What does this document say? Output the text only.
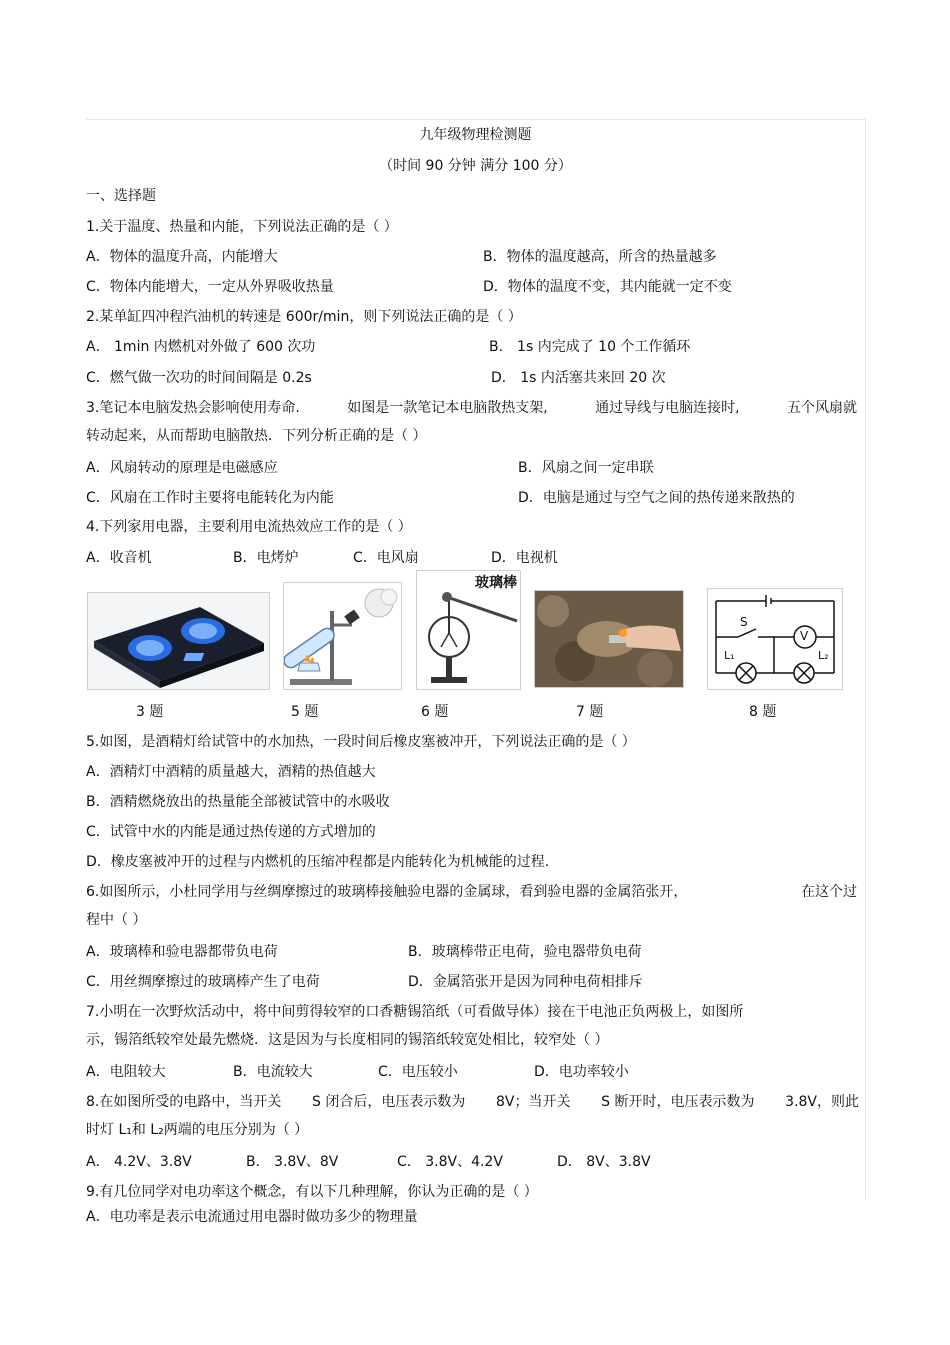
九年级物理检测题
（时间 90 分钟 满分 100 分）
一、选择题
1.关于温度、热量和内能，下列说法正确的是（ ）
A．物体的温度升高，内能增大	B．物体的温度越高，所含的热量越多
C．物体内能增大，一定从外界吸收热量	D．物体的温度不变，其内能就一定不变
2.某单缸四冲程汽油机的转速是 600r/min，则下列说法正确的是（ ）
A． 1min 内燃机对外做了 600 次功	B． 1s 内完成了 10 个工作循环
C．燃气做一次功的时间间隔是 0.2s	D． 1s 内活塞共来回 20 次
3.笔记本电脑发热会影响使用寿命.	如图是一款笔记本电脑散热支架,	通过导线与电脑连接时,	五个风扇就
转动起来，从而帮助电脑散热．下列分析正确的是（ ）
A．风扇转动的原理是电磁感应	B．风扇之间一定串联
C．风扇在工作时主要将电能转化为内能	D．电脑是通过与空气之间的热传递来散热的
4.下列家用电器，主要利用电流热效应工作的是（ ）
A．收音机	B．电烤炉	C．电风扇	D．电视机
玻璃棒
S
V
L₁	L₂
3 题	5 题	6 题	7 题	8 题
5.如图，是酒精灯给试管中的水加热，一段时间后橡皮塞被冲开，下列说法正确的是（ ）
A．酒精灯中酒精的质量越大，酒精的热值越大
B．酒精燃烧放出的热量能全部被试管中的水吸收
C．试管中水的内能是通过热传递的方式增加的
D．橡皮塞被冲开的过程与内燃机的压缩冲程都是内能转化为机械能的过程.
6.如图所示，小杜同学用与丝绸摩擦过的玻璃棒接触验电器的金属球，看到验电器的金属箔张开，	在这个过
程中（ ）
A．玻璃棒和验电器都带负电荷	B．玻璃棒带正电荷，验电器带负电荷
C．用丝绸摩擦过的玻璃棒产生了电荷	D．金属箔张开是因为同种电荷相排斥
7.小明在一次野炊活动中，将中间剪得较窄的口香糖锡箔纸（可看做导体）接在干电池正负两极上，如图所
示，锡箔纸较窄处最先燃烧．这是因为与长度相同的锡箔纸较宽处相比，较窄处（ ）
A．电阻较大	B．电流较大	C．电压较小	D．电功率较小
8.在如图所受的电路中，当开关 S 闭合后，电压表示数为 8V；当开关 S 断开时，电压表示数为 3.8V，则此
时灯 L₁和 L₂两端的电压分别为（ ）
A． 4.2V、3.8V	B． 3.8V、8V	C． 3.8V、4.2V	D． 8V、3.8V
9.有几位同学对电功率这个概念，有以下几种理解，你认为正确的是（ ）
A．电功率是表示电流通过用电器时做功多少的物理量
